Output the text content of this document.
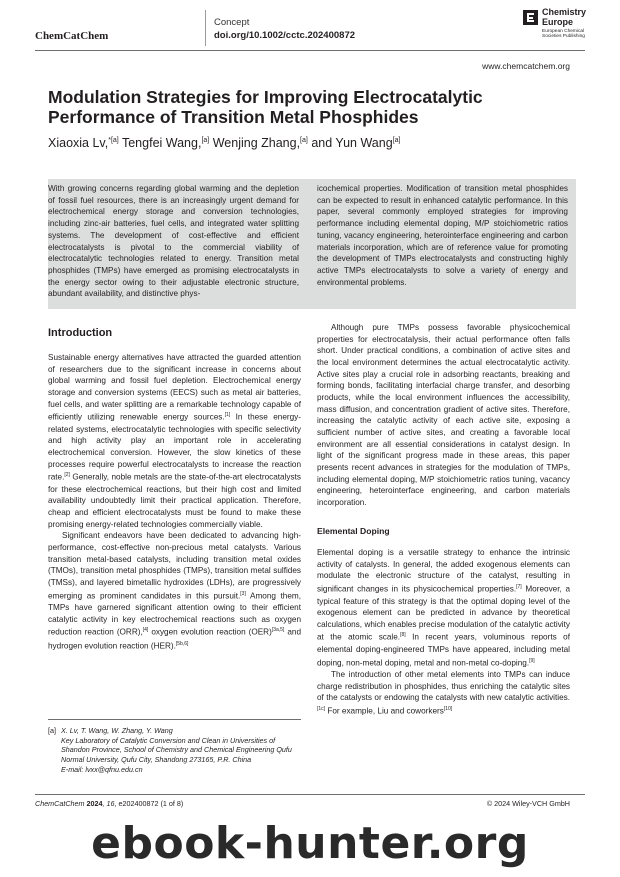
ChemCatChem
Concept
doi.org/10.1002/cctc.202400872
Chemistry
Europe
European Chemical
Societies Publishing
www.chemcatchem.org
Modulation Strategies for Improving Electrocatalytic Performance of Transition Metal Phosphides
Xiaoxia Lv,$^{*[a]}$ Tengfei Wang,[a] Wenjing Zhang,[a] and Yun Wang[a]
With growing concerns regarding global warming and the depletion of fossil fuel resources, there is an increasingly urgent demand for electrochemical energy storage and conversion technologies, including zinc-air batteries, fuel cells, and integrated water splitting systems. The development of cost-effective and efficient electrocatalysts is pivotal to the commercial viability of electrocatalytic technologies related to energy. Transition metal phosphides (TMPs) have emerged as promising electrocatalysts in the energy sector owing to their adjustable electronic structure, abundant availability, and distinctive phys-
icochemical properties. Modification of transition metal phosphides can be expected to result in enhanced catalytic performance. In this paper, several commonly employed strategies for improving performance including elemental doping, M/P stoichiometric ratios tuning, vacancy engineering, heterointerface engineering and carbon materials incorporation, which are of reference value for promoting the development of TMPs electrocatalysts and constructing highly active TMPs electrocatalysts to solve a variety of energy and environmental problems.
Introduction

Sustainable energy alternatives have attracted the guarded attention of researchers due to the significant increase in concerns about global warming and fossil fuel depletion. Electrochemical energy storage and conversion systems (EECS) such as metal air batteries, fuel cells, and water splitting are a remarkable technology capable of efficiently utilizing renewable energy sources.[1] In these energy-related systems, electrocatalytic technologies with specific selectivity and high activity play an important role in accelerating electrochemical conversion. However, the slow kinetics of these processes require powerful electrocatalysts to increase the reaction rate.[2] Generally, noble metals are the state-of-the-art electrocatalysts for these electrochemical reactions, but their high cost and limited availability undoubtedly limit their practical application. Therefore, cheap and efficient electrocatalysts must be found to make these promising energy-related technologies commercially viable.

Significant endeavors have been dedicated to advancing high-performance, cost-effective non-precious metal catalysts. Various transition metal-based catalysts, including transition metal oxides (TMOs), transition metal phosphides (TMPs), transition metal sulfides (TMSs), and layered bimetallic hydroxides (LDHs), are progressively emerging as prominent candidates in this pursuit.[3] Among them, TMPs have garnered significant attention owing to their efficient catalytic activity in key electrochemical reactions such as oxygen reduction reaction (ORR),[4] oxygen evolution reaction (OER)[3a,5] and hydrogen evolution reaction (HER).[5b,6]

Although pure TMPs possess favorable physicochemical properties for electrocatalysis, their actual performance often falls short. Under practical conditions, a combination of active sites and the local environment determines the actual electrocatalytic activity. Active sites play a crucial role in adsorbing reactants, breaking and forming bonds, facilitating interfacial charge transfer, and desorbing products, while the local environment influences the accessibility, mass diffusion, and concentration gradient of active sites. Therefore, increasing the catalytic activity of each active site, exposing a sufficient number of active sites, and creating a favorable local environment are all essential considerations in catalyst design. In light of the significant progress made in these areas, this paper presents recent advances in strategies for the modulation of TMPs, including elemental doping, M/P stoichiometric ratios tuning, vacancy engineering, heterointerface engineering, and carbon materials incorporation.

Elemental Doping

Elemental doping is a versatile strategy to enhance the intrinsic activity of catalysts. In general, the added exogenous elements can modulate the electronic structure of the catalyst, resulting in significant changes in its physicochemical properties.[7] Moreover, a typical feature of this strategy is that the optimal doping level of the exogenous element can be predicted in advance by theoretical calculations, which enables precise modulation of the catalytic activity at the atomic scale.[8] In recent years, voluminous reports of elemental doping-engineered TMPs have appeared, including metal doping, non-metal doping, metal and non-metal co-doping.[9]

The introduction of other metal elements into TMPs can induce charge redistribution in phosphides, thus enriching the catalytic sites of the catalysts or endowing the catalysts with new catalytic activities.[1c] For example, Liu and coworkers[10]

[a] X. Lv, T. Wang, W. Zhang, Y. Wang
Key Laboratory of Catalytic Conversion and Clean in Universities of
Shandon Province, School of Chemistry and Chemical Engineering Qufu
Normal University, Qufu City, Shandong 273165, P.R. China
E-mail: lvxx@qfnu.edu.cn
ChemCatChem 2024, 16, e202400872 (1 of 8)	© 2024 Wiley-VCH GmbH
ebook-hunter.org
